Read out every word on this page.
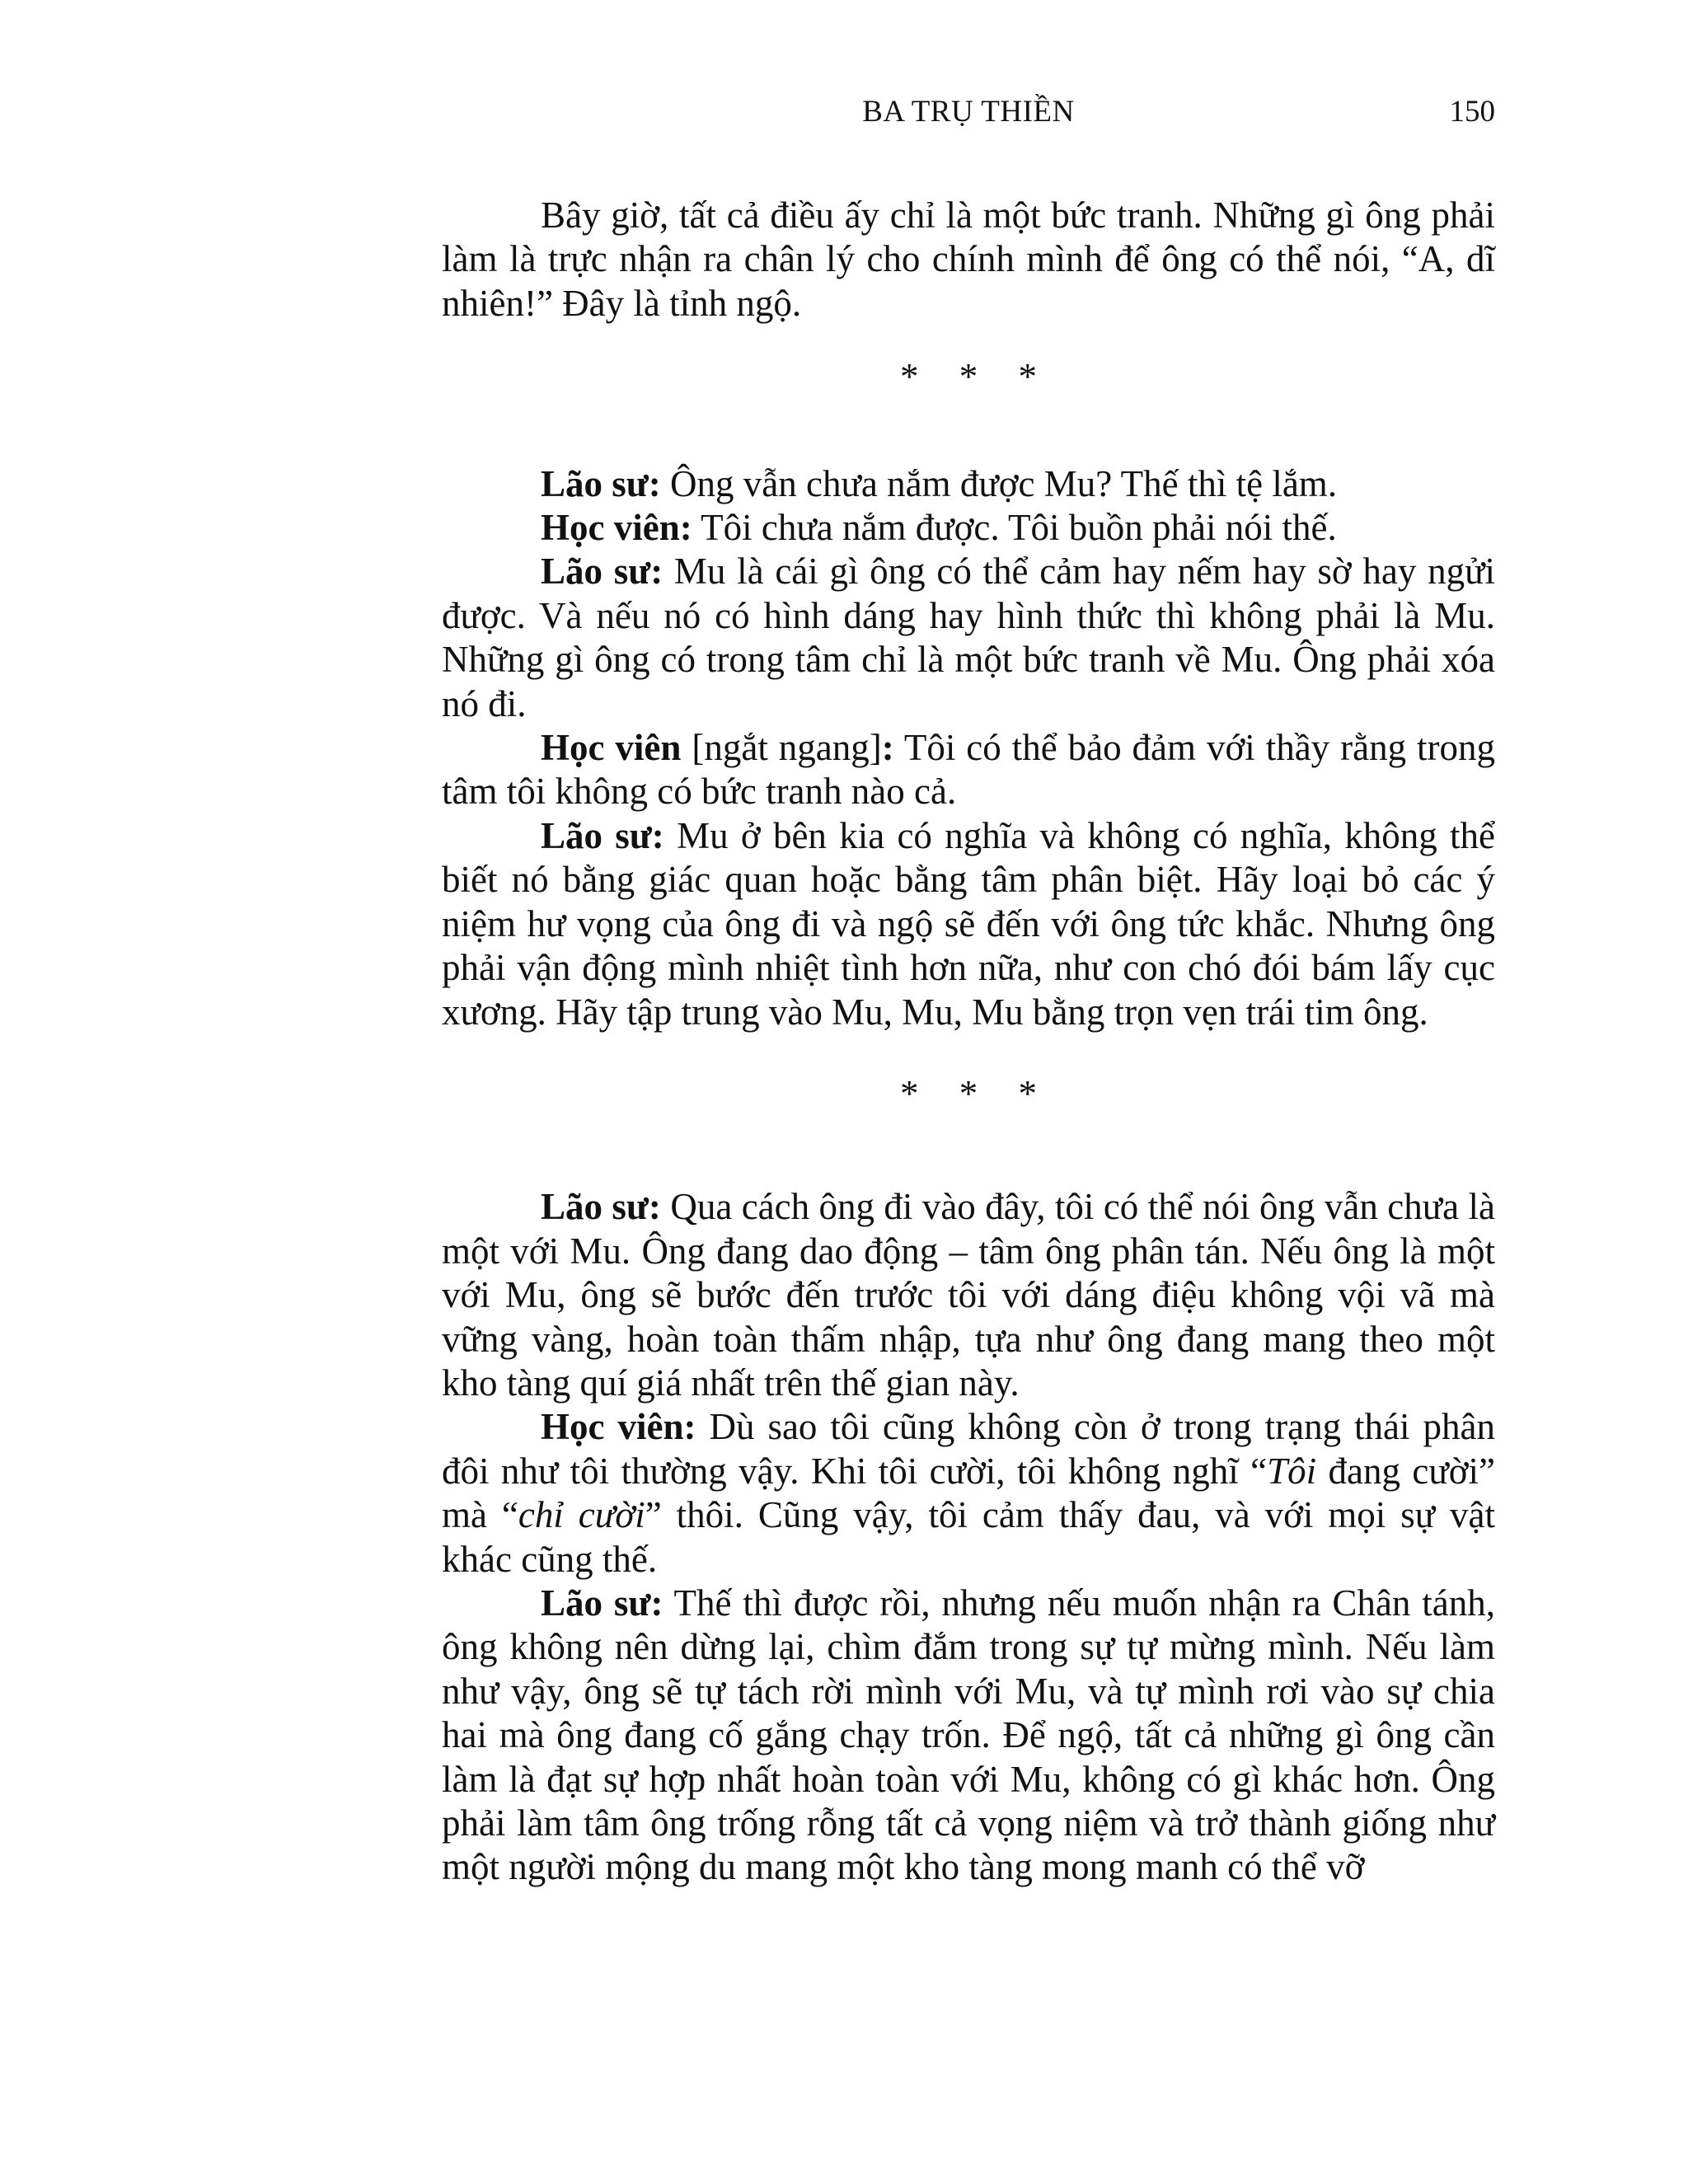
BA TRỤ THIỀN	150

Bây giờ, tất cả điều ấy chỉ là một bức tranh. Những gì ông phải làm là trực nhận ra chân lý cho chính mình để ông có thể nói, “A, dĩ nhiên!” Đây là tỉnh ngộ.

* * *

Lão sư: Ông vẫn chưa nắm được Mu? Thế thì tệ lắm.

Học viên: Tôi chưa nắm được. Tôi buồn phải nói thế.

Lão sư: Mu là cái gì ông có thể cảm hay nếm hay sờ hay ngửi được. Và nếu nó có hình dáng hay hình thức thì không phải là Mu. Những gì ông có trong tâm chỉ là một bức tranh về Mu. Ông phải xóa nó đi.

Học viên [ngắt ngang]: Tôi có thể bảo đảm với thầy rằng trong tâm tôi không có bức tranh nào cả.

Lão sư: Mu ở bên kia có nghĩa và không có nghĩa, không thể biết nó bằng giác quan hoặc bằng tâm phân biệt. Hãy loại bỏ các ý niệm hư vọng của ông đi và ngộ sẽ đến với ông tức khắc. Nhưng ông phải vận động mình nhiệt tình hơn nữa, như con chó đói bám lấy cục xương. Hãy tập trung vào Mu, Mu, Mu bằng trọn vẹn trái tim ông.

* * *

Lão sư: Qua cách ông đi vào đây, tôi có thể nói ông vẫn chưa là một với Mu. Ông đang dao động – tâm ông phân tán. Nếu ông là một với Mu, ông sẽ bước đến trước tôi với dáng điệu không vội vã mà vững vàng, hoàn toàn thấm nhập, tựa như ông đang mang theo một kho tàng quí giá nhất trên thế gian này.

Học viên: Dù sao tôi cũng không còn ở trong trạng thái phân đôi như tôi thường vậy. Khi tôi cười, tôi không nghĩ “Tôi đang cười” mà “chỉ cười” thôi. Cũng vậy, tôi cảm thấy đau, và với mọi sự vật khác cũng thế.

Lão sư: Thế thì được rồi, nhưng nếu muốn nhận ra Chân tánh, ông không nên dừng lại, chìm đắm trong sự tự mừng mình. Nếu làm như vậy, ông sẽ tự tách rời mình với Mu, và tự mình rơi vào sự chia hai mà ông đang cố gắng chạy trốn. Để ngộ, tất cả những gì ông cần làm là đạt sự hợp nhất hoàn toàn với Mu, không có gì khác hơn. Ông phải làm tâm ông trống rỗng tất cả vọng niệm và trở thành giống như một người mộng du mang một kho tàng mong manh có thể vỡ
